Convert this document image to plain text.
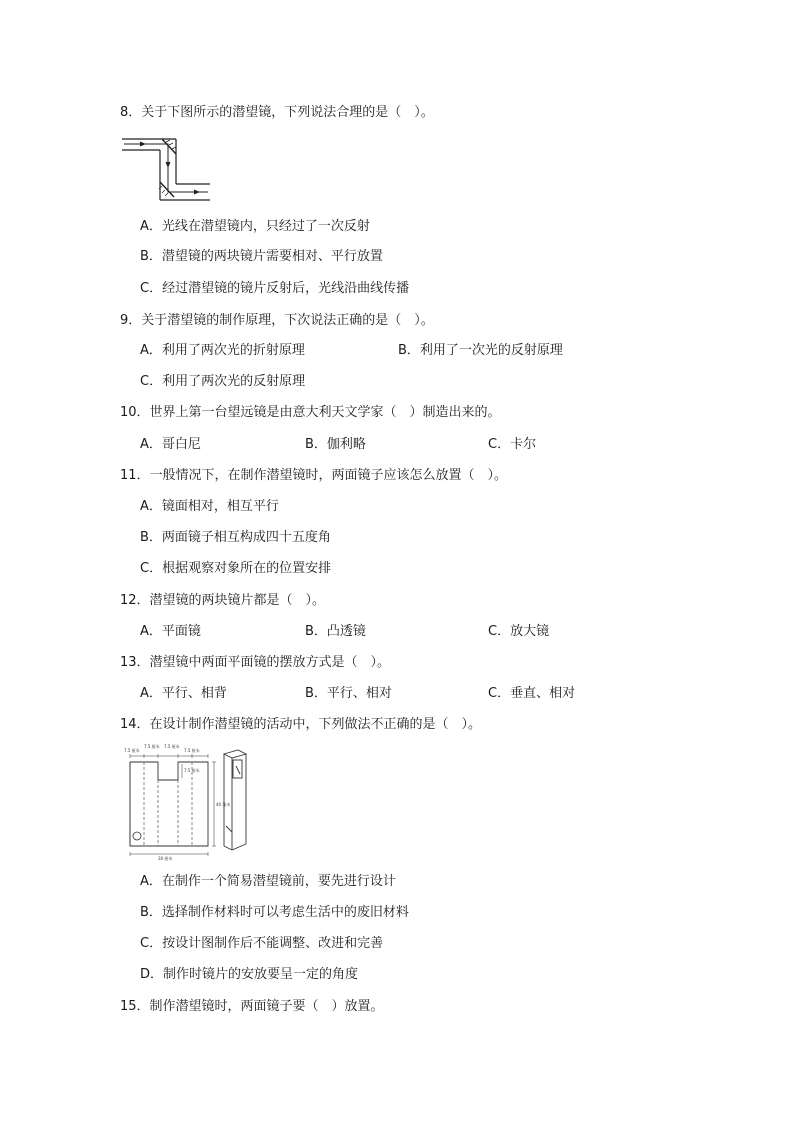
8．关于下图所示的潜望镜，下列说法合理的是（　）。
A．光线在潜望镜内，只经过了一次反射
B．潜望镜的两块镜片需要相对、平行放置
C．经过潜望镜的镜片反射后，光线沿曲线传播
9．关于潜望镜的制作原理，下次说法正确的是（　）。
A．利用了两次光的折射原理	B．利用了一次光的反射原理
C．利用了两次光的反射原理
10．世界上第一台望远镜是由意大利天文学家（　）制造出来的。
A．哥白尼	B．伽利略	C．卡尔
11．一般情况下，在制作潜望镜时，两面镜子应该怎么放置（　）。
A．镜面相对，相互平行
B．两面镜子相互构成四十五度角
C．根据观察对象所在的位置安排
12．潜望镜的两块镜片都是（　）。
A．平面镜	B．凸透镜	C．放大镜
13．潜望镜中两面平面镜的摆放方式是（　）。
A．平行、相背	B．平行、相对	C．垂直、相对
14．在设计制作潜望镜的活动中，下列做法不正确的是（　）。
7.5 厘米
7.5 厘米 7.5 厘米
7.5 厘米
7.5 厘米
40 厘米
30 厘米
A．在制作一个简易潜望镜前，要先进行设计
B．选择制作材料时可以考虑生活中的废旧材料
C．按设计图制作后不能调整、改进和完善
D．制作时镜片的安放要呈一定的角度
15．制作潜望镜时，两面镜子要（　）放置。
